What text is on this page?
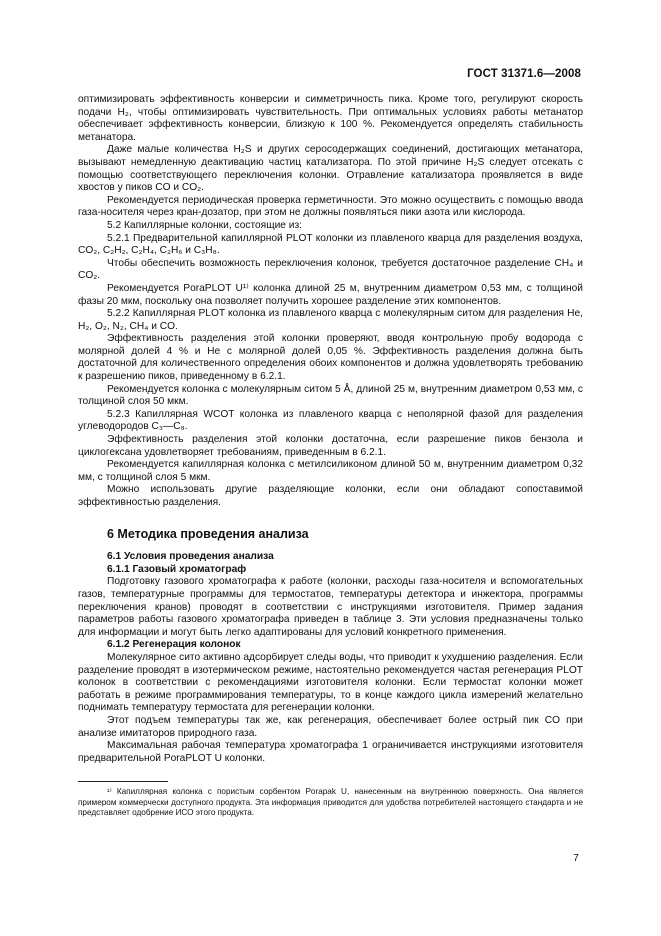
ГОСТ 31371.6—2008

оптимизировать эффективность конверсии и симметричность пика. Кроме того, регулируют скорость подачи H₂, чтобы оптимизировать чувствительность. При оптимальных условиях работы метанатор обеспечивает эффективность конверсии, близкую к 100 %. Рекомендуется определять стабильность метанатора.

Даже малые количества H₂S и других серосодержащих соединений, достигающих метанатора, вызывают немедленную деактивацию частиц катализатора. По этой причине H₂S следует отсекать с помощью соответствующего переключения колонки. Отравление катализатора проявляется в виде хвостов у пиков CO и CO₂.

Рекомендуется периодическая проверка герметичности. Это можно осуществить с помощью ввода газа-носителя через кран-дозатор, при этом не должны появляться пики азота или кислорода.

5.2 Капиллярные колонки, состоящие из:

5.2.1 Предварительной капиллярной PLOT колонки из плавленого кварца для разделения воздуха, CO₂, C₂H₂, C₂H₄, C₂H₆ и C₃H₈.

Чтобы обеспечить возможность переключения колонок, требуется достаточное разделение CH₄ и CO₂.

Рекомендуется PoraPLOT U¹⁾ колонка длиной 25 м, внутренним диаметром 0,53 мм, с толщиной фазы 20 мкм, поскольку она позволяет получить хорошее разделение этих компонентов.

5.2.2 Капиллярная PLOT колонка из плавленого кварца с молекулярным ситом для разделения He, H₂, O₂, N₂, CH₄ и CO.

Эффективность разделения этой колонки проверяют, вводя контрольную пробу водорода с молярной долей 4 % и He с молярной долей 0,05 %. Эффективность разделения должна быть достаточной для количественного определения обоих компонентов и должна удовлетворять требованию к разрешению пиков, приведенному в 6.2.1.

Рекомендуется колонка с молекулярным ситом 5 Å, длиной 25 м, внутренним диаметром 0,53 мм, с толщиной слоя 50 мкм.

5.2.3 Капиллярная WCOT колонка из плавленого кварца с неполярной фазой для разделения углеводородов C₃—C₈.

Эффективность разделения этой колонки достаточна, если разрешение пиков бензола и циклогексана удовлетворяет требованиям, приведенным в 6.2.1.

Рекомендуется капиллярная колонка с метилсиликоном длиной 50 м, внутренним диаметром 0,32 мм, с толщиной слоя 5 мкм.

Можно использовать другие разделяющие колонки, если они обладают сопоставимой эффективностью разделения.

6 Методика проведения анализа

6.1 Условия проведения анализа

6.1.1 Газовый хроматограф

Подготовку газового хроматографа к работе (колонки, расходы газа-носителя и вспомогательных газов, температурные программы для термостатов, температуры детектора и инжектора, программы переключения кранов) проводят в соответствии с инструкциями изготовителя. Пример задания параметров работы газового хроматографа приведен в таблице 3. Эти условия предназначены только для информации и могут быть легко адаптированы для условий конкретного применения.

6.1.2 Регенерация колонок

Молекулярное сито активно адсорбирует следы воды, что приводит к ухудшению разделения. Если разделение проводят в изотермическом режиме, настоятельно рекомендуется частая регенерация PLOT колонок в соответствии с рекомендациями изготовителя колонки. Если термостат колонки может работать в режиме программирования температуры, то в конце каждого цикла измерений желательно поднимать температуру термостата для регенерации колонки.

Этот подъем температуры так же, как регенерация, обеспечивает более острый пик CO при анализе имитаторов природного газа.

Максимальная рабочая температура хроматографа 1 ограничивается инструкциями изготовителя предварительной PoraPLOT U колонки.

¹⁾ Капиллярная колонка с пористым сорбентом Porapak U, нанесенным на внутреннюю поверхность. Она является примером коммерчески доступного продукта. Эта информация приводится для удобства потребителей настоящего стандарта и не представляет одобрение ИСО этого продукта.

7
